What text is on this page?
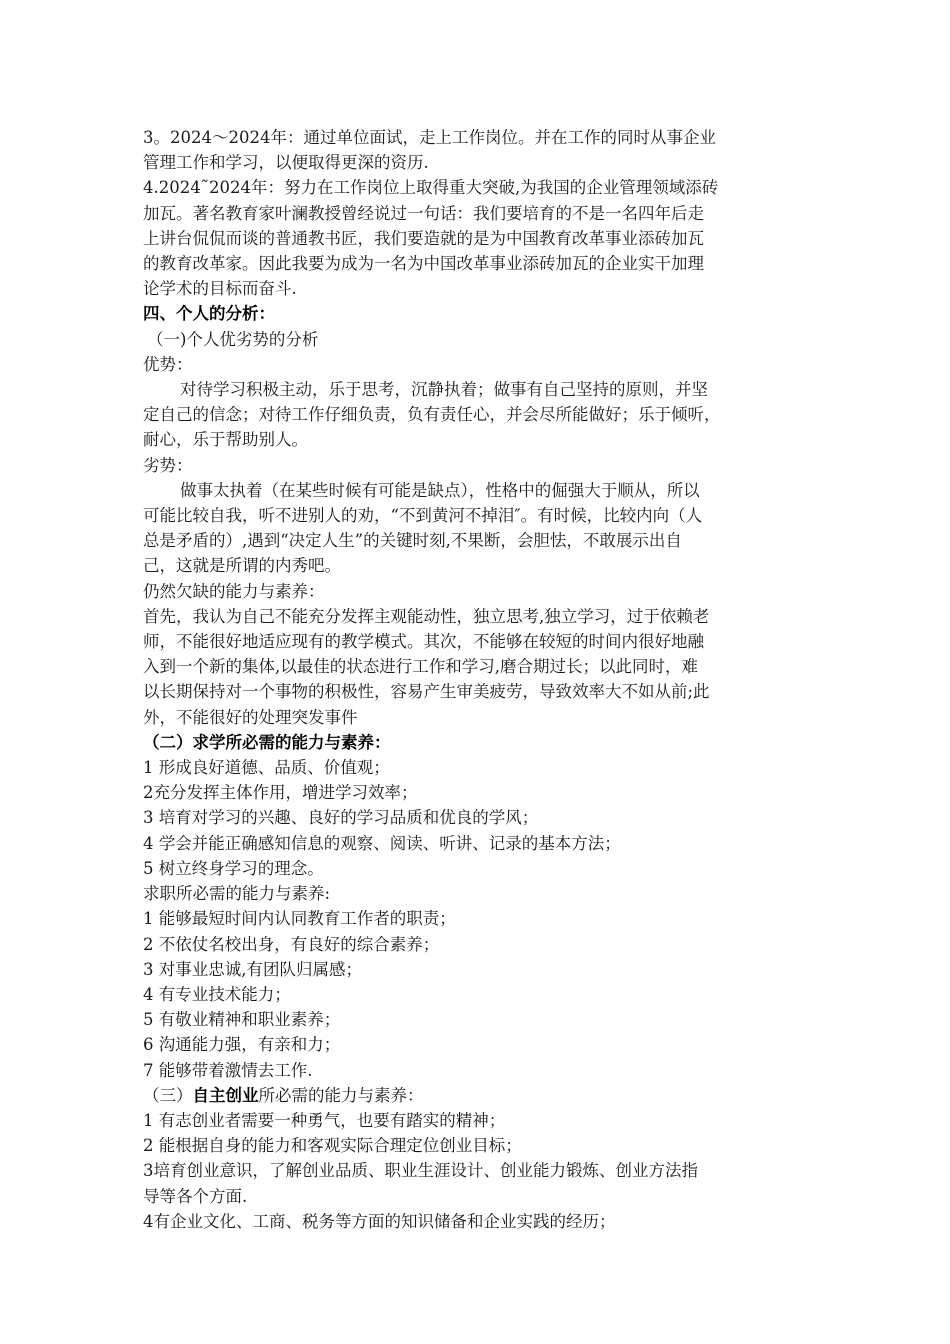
3。2024～2024年：通过单位面试，走上工作岗位。并在工作的同时从事企业
管理工作和学习，以便取得更深的资历.
4.2024˜2024年：努力在工作岗位上取得重大突破,为我国的企业管理领域添砖
加瓦。著名教育家叶澜教授曾经说过一句话：我们要培育的不是一名四年后走
上讲台侃侃而谈的普通教书匠，我们要造就的是为中国教育改革事业添砖加瓦
的教育改革家。因此我要为成为一名为中国改革事业添砖加瓦的企业实干加理
论学术的目标而奋斗.
四、个人的分析：
（一)个人优劣势的分析
优势：
对待学习积极主动，乐于思考，沉静执着；做事有自己坚持的原则，并坚
定自己的信念；对待工作仔细负责，负有责任心，并会尽所能做好；乐于倾听，
耐心，乐于帮助别人。
劣势：
做事太执着（在某些时候有可能是缺点），性格中的倔强大于顺从，所以
可能比较自我，听不进别人的劝，“不到黄河不掉泪″。有时候，比较内向（人
总是矛盾的）,遇到“决定人生”的关键时刻,不果断，会胆怯，不敢展示出自
己，这就是所谓的内秀吧。
仍然欠缺的能力与素养：
首先，我认为自己不能充分发挥主观能动性，独立思考,独立学习，过于依赖老
师，不能很好地适应现有的教学模式。其次，不能够在较短的时间内很好地融
入到一个新的集体,以最佳的状态进行工作和学习,磨合期过长；以此同时，难
以长期保持对一个事物的积极性，容易产生审美疲劳，导致效率大不如从前;此
外，不能很好的处理突发事件
（二）求学所必需的能力与素养：
1 形成良好道德、品质、价值观；
2充分发挥主体作用，增进学习效率；
3 培育对学习的兴趣、良好的学习品质和优良的学风；
4 学会并能正确感知信息的观察、阅读、听讲、记录的基本方法；
5 树立终身学习的理念。
求职所必需的能力与素养:
1 能够最短时间内认同教育工作者的职责；
2 不依仗名校出身，有良好的综合素养；
3 对事业忠诚,有团队归属感；
4 有专业技术能力；
5 有敬业精神和职业素养；
6 沟通能力强，有亲和力；
7 能够带着激情去工作.
（三）自主创业所必需的能力与素养：
1 有志创业者需要一种勇气，也要有踏实的精神；
2 能根据自身的能力和客观实际合理定位创业目标；
3培育创业意识，了解创业品质、职业生涯设计、创业能力锻炼、创业方法指
导等各个方面.
4有企业文化、工商、税务等方面的知识储备和企业实践的经历；
